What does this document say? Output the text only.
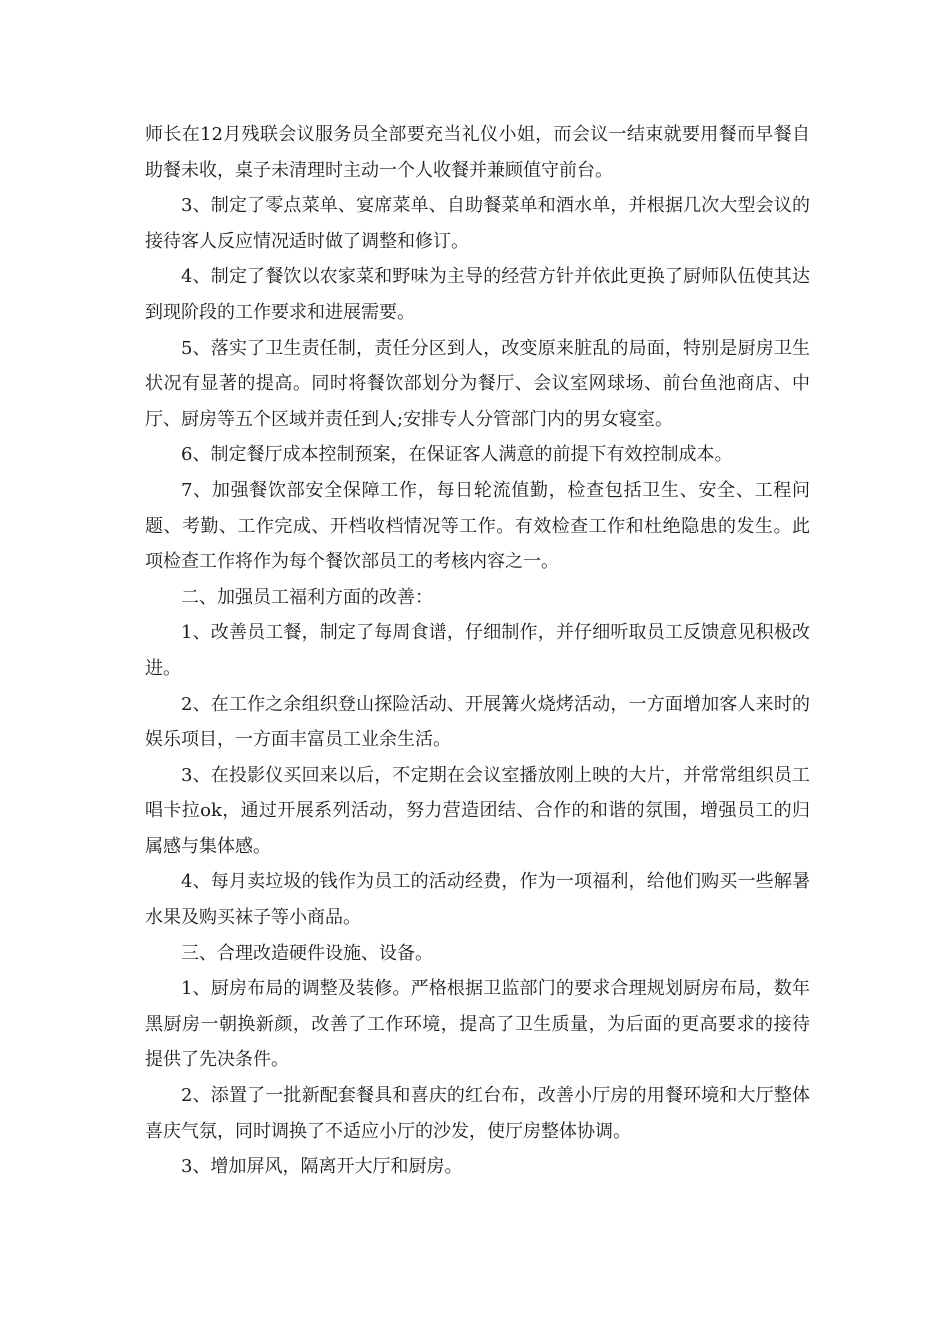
师长在12月残联会议服务员全部要充当礼仪小姐，而会议一结束就要用餐而早餐自助餐未收，桌子未清理时主动一个人收餐并兼顾值守前台。

3、制定了零点菜单、宴席菜单、自助餐菜单和酒水单，并根据几次大型会议的接待客人反应情况适时做了调整和修订。

4、制定了餐饮以农家菜和野味为主导的经营方针并依此更换了厨师队伍使其达到现阶段的工作要求和进展需要。

5、落实了卫生责任制，责任分区到人，改变原来脏乱的局面，特别是厨房卫生状况有显著的提高。同时将餐饮部划分为餐厅、会议室网球场、前台鱼池商店、中厅、厨房等五个区域并责任到人;安排专人分管部门内的男女寝室。

6、制定餐厅成本控制预案，在保证客人满意的前提下有效控制成本。

7、加强餐饮部安全保障工作，每日轮流值勤，检查包括卫生、安全、工程问题、考勤、工作完成、开档收档情况等工作。有效检查工作和杜绝隐患的发生。此项检查工作将作为每个餐饮部员工的考核内容之一。

二、加强员工福利方面的改善：

1、改善员工餐，制定了每周食谱，仔细制作，并仔细听取员工反馈意见积极改进。

2、在工作之余组织登山探险活动、开展篝火烧烤活动，一方面增加客人来时的娱乐项目，一方面丰富员工业余生活。

3、在投影仪买回来以后，不定期在会议室播放刚上映的大片，并常常组织员工唱卡拉ok，通过开展系列活动，努力营造团结、合作的和谐的氛围，增强员工的归属感与集体感。

4、每月卖垃圾的钱作为员工的活动经费，作为一项福利，给他们购买一些解暑水果及购买袜子等小商品。

三、合理改造硬件设施、设备。

1、厨房布局的调整及装修。严格根据卫监部门的要求合理规划厨房布局，数年黑厨房一朝换新颜，改善了工作环境，提高了卫生质量，为后面的更高要求的接待提供了先决条件。

2、添置了一批新配套餐具和喜庆的红台布，改善小厅房的用餐环境和大厅整体喜庆气氛，同时调换了不适应小厅的沙发，使厅房整体协调。

3、增加屏风，隔离开大厅和厨房。
